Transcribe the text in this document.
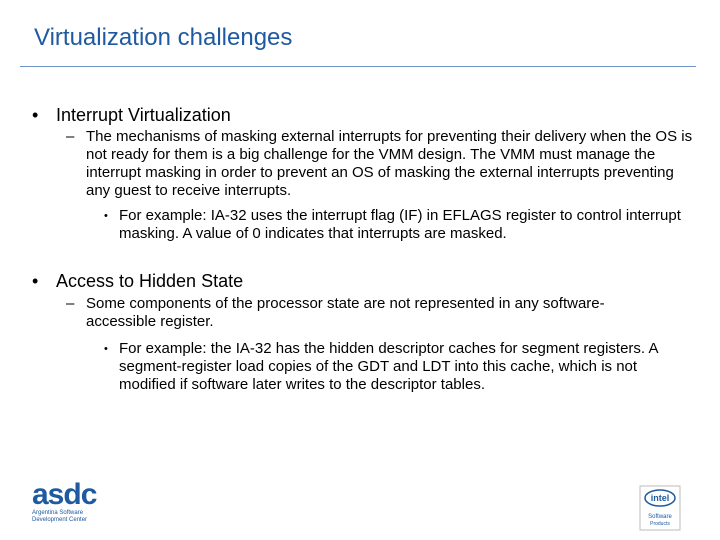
Virtualization challenges
• Interrupt Virtualization
– The mechanisms of masking external interrupts for preventing their delivery when the OS is not ready for them is a big challenge for the VMM design. The VMM must manage the interrupt masking in order to prevent an OS of masking the external interrupts preventing any guest to receive interrupts.
• For example: IA-32 uses the interrupt flag (IF) in EFLAGS register to control interrupt masking. A value of 0 indicates that interrupts are masked.
• Access to Hidden State
– Some components of the processor state are not represented in any software- accessible register.
• For example: the IA-32 has the hidden descriptor caches for segment registers. A segment-register load copies of the GDT and LDT into this cache, which is not modified if software later writes to the descriptor tables.
asdc
Argentina Software
Development Center
intel
Software
Products
